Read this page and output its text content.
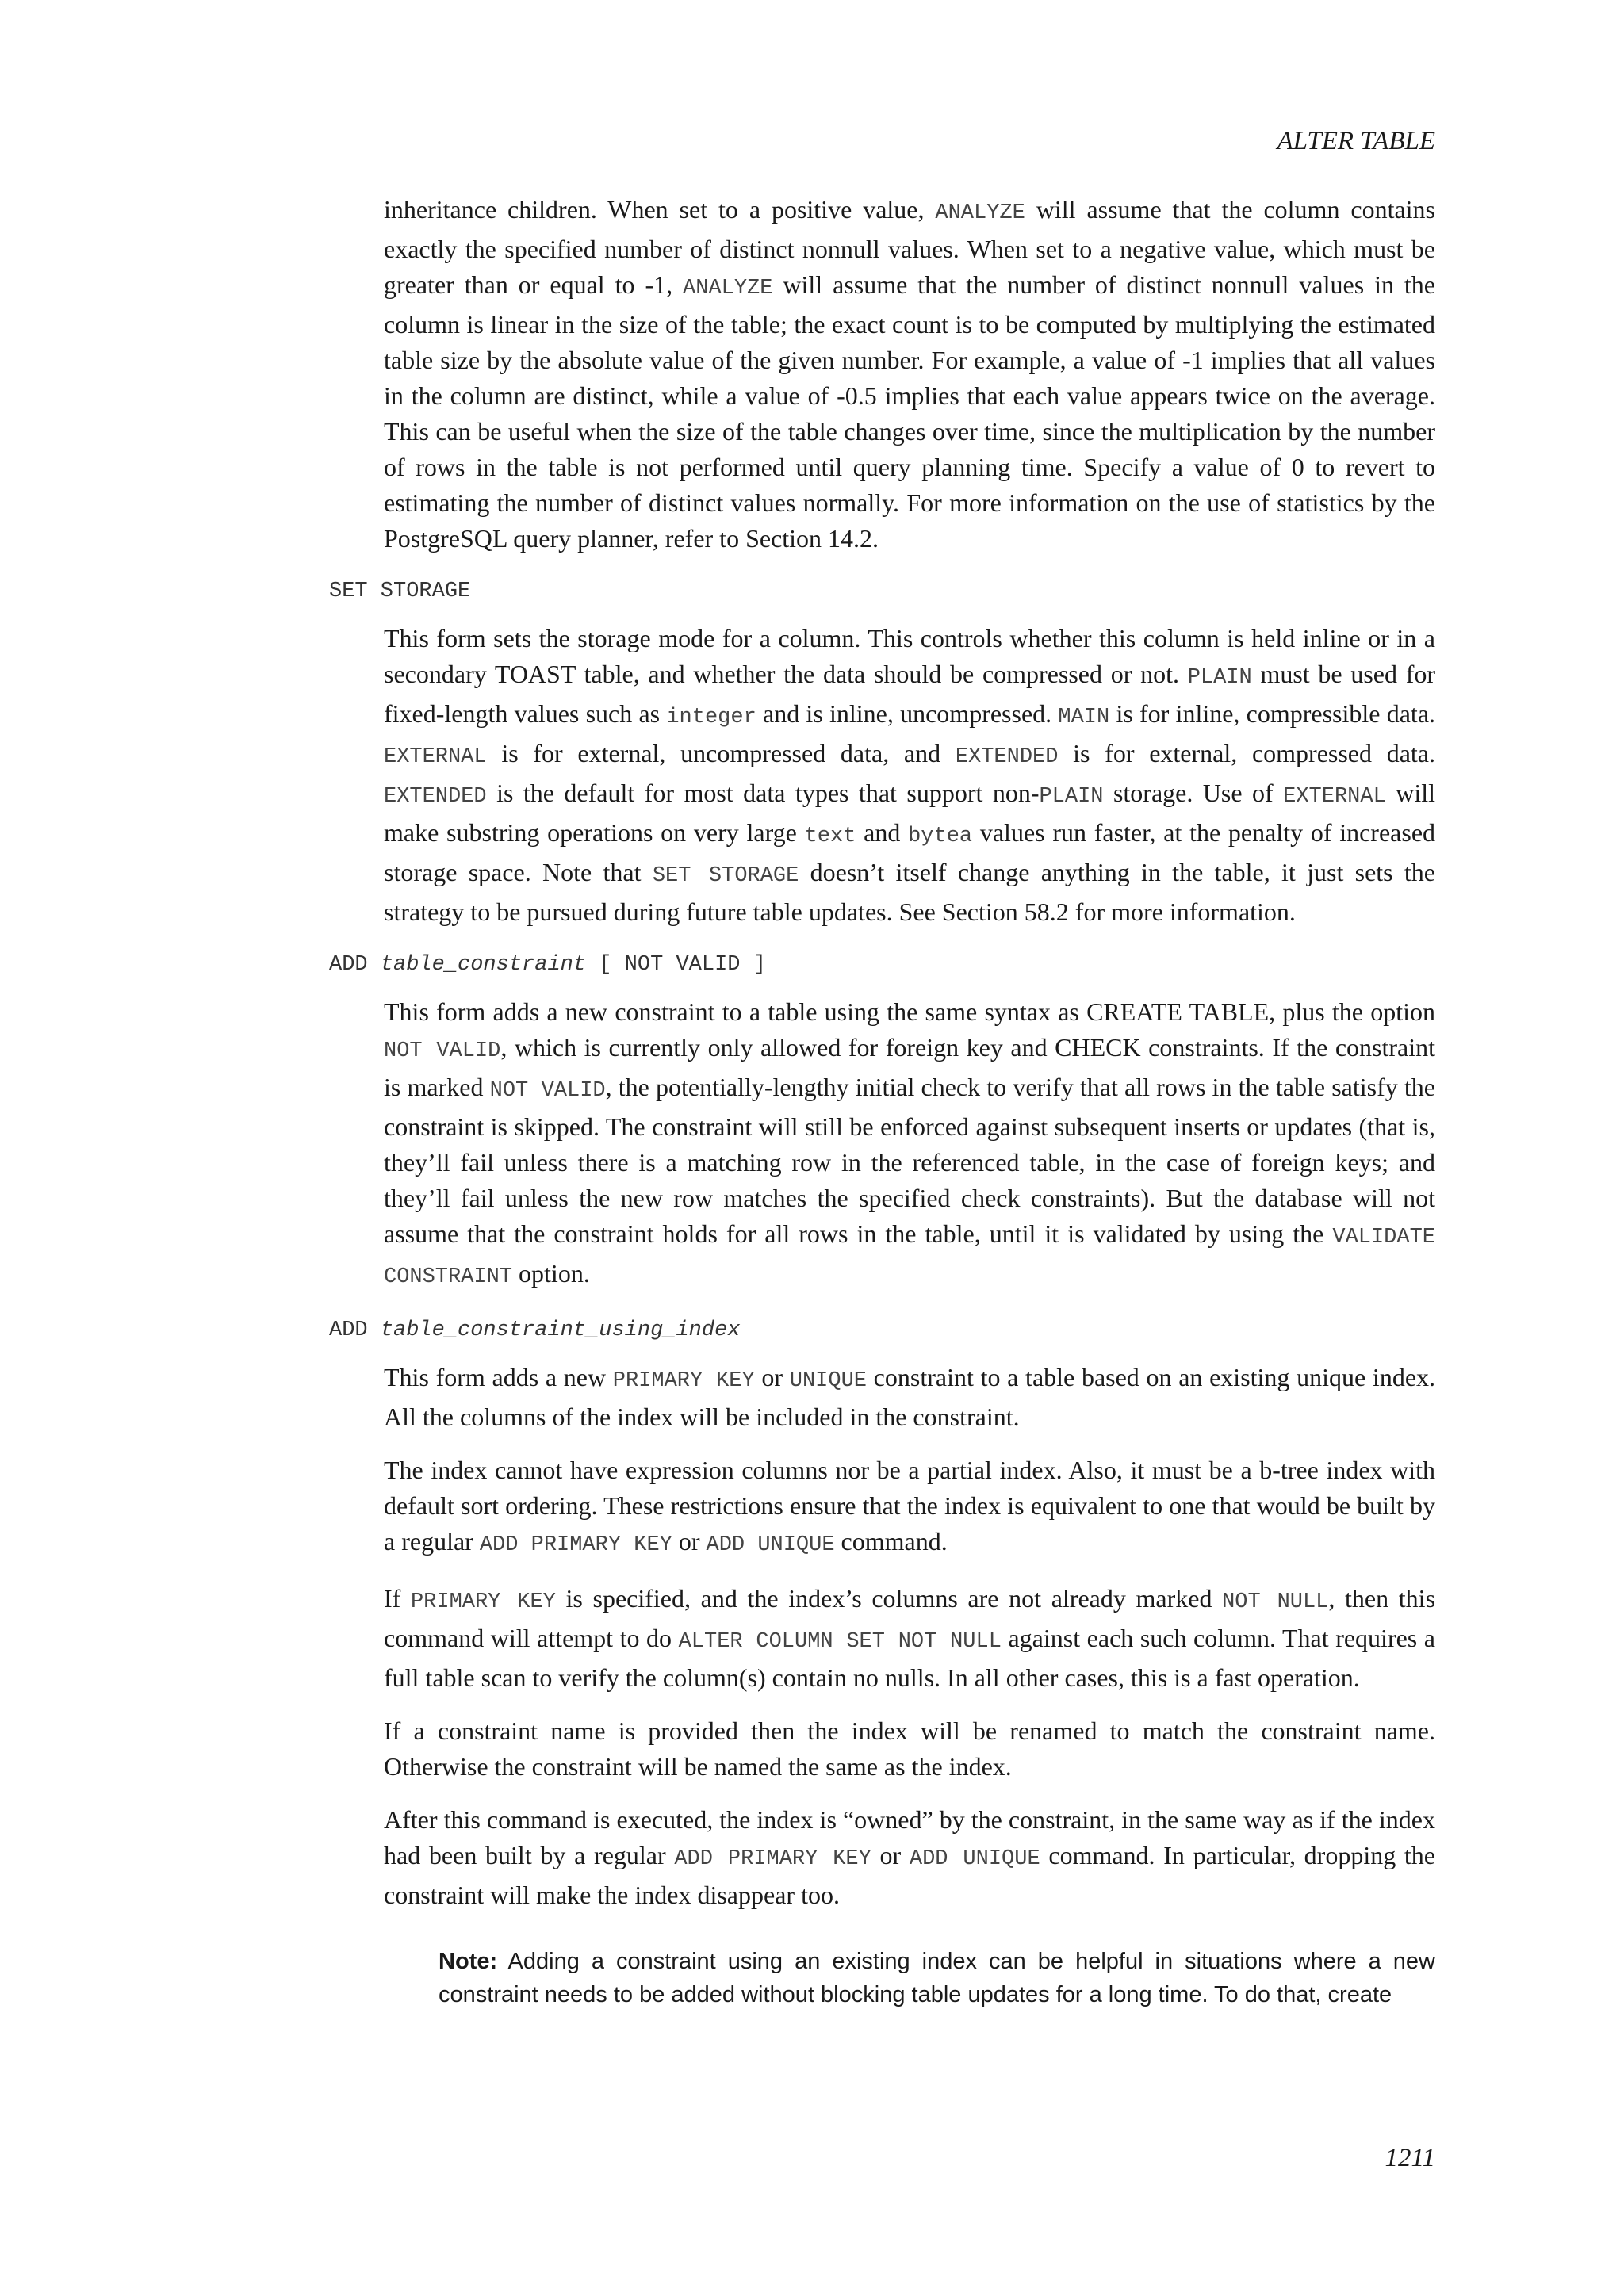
ALTER TABLE

inheritance children. When set to a positive value, ANALYZE will assume that the column contains exactly the specified number of distinct nonnull values. When set to a negative value, which must be greater than or equal to -1, ANALYZE will assume that the number of distinct nonnull values in the column is linear in the size of the table; the exact count is to be computed by multiplying the estimated table size by the absolute value of the given number. For example, a value of -1 implies that all values in the column are distinct, while a value of -0.5 implies that each value appears twice on the average. This can be useful when the size of the table changes over time, since the multiplication by the number of rows in the table is not performed until query planning time. Specify a value of 0 to revert to estimating the number of distinct values normally. For more information on the use of statistics by the PostgreSQL query planner, refer to Section 14.2.

SET STORAGE

This form sets the storage mode for a column. This controls whether this column is held inline or in a secondary TOAST table, and whether the data should be compressed or not. PLAIN must be used for fixed-length values such as integer and is inline, uncompressed. MAIN is for inline, compressible data. EXTERNAL is for external, uncompressed data, and EXTENDED is for external, compressed data. EXTENDED is the default for most data types that support non-PLAIN storage. Use of EXTERNAL will make substring operations on very large text and bytea values run faster, at the penalty of increased storage space. Note that SET STORAGE doesn’t itself change anything in the table, it just sets the strategy to be pursued during future table updates. See Section 58.2 for more information.

ADD table_constraint [ NOT VALID ]

This form adds a new constraint to a table using the same syntax as CREATE TABLE, plus the option NOT VALID, which is currently only allowed for foreign key and CHECK constraints. If the constraint is marked NOT VALID, the potentially-lengthy initial check to verify that all rows in the table satisfy the constraint is skipped. The constraint will still be enforced against subsequent inserts or updates (that is, they’ll fail unless there is a matching row in the referenced table, in the case of foreign keys; and they’ll fail unless the new row matches the specified check constraints). But the database will not assume that the constraint holds for all rows in the table, until it is validated by using the VALIDATE CONSTRAINT option.

ADD table_constraint_using_index

This form adds a new PRIMARY KEY or UNIQUE constraint to a table based on an existing unique index. All the columns of the index will be included in the constraint.

The index cannot have expression columns nor be a partial index. Also, it must be a b-tree index with default sort ordering. These restrictions ensure that the index is equivalent to one that would be built by a regular ADD PRIMARY KEY or ADD UNIQUE command.

If PRIMARY KEY is specified, and the index’s columns are not already marked NOT NULL, then this command will attempt to do ALTER COLUMN SET NOT NULL against each such column. That requires a full table scan to verify the column(s) contain no nulls. In all other cases, this is a fast operation.

If a constraint name is provided then the index will be renamed to match the constraint name. Otherwise the constraint will be named the same as the index.

After this command is executed, the index is “owned” by the constraint, in the same way as if the index had been built by a regular ADD PRIMARY KEY or ADD UNIQUE command. In particular, dropping the constraint will make the index disappear too.

Note: Adding a constraint using an existing index can be helpful in situations where a new constraint needs to be added without blocking table updates for a long time. To do that, create

1211
